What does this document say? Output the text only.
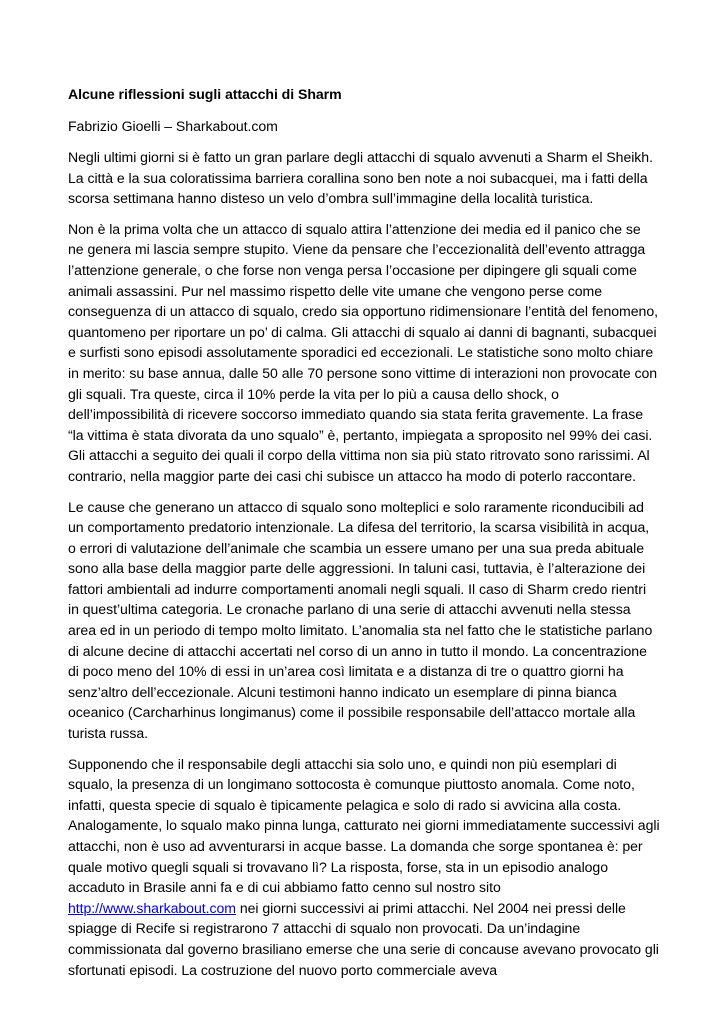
Alcune riflessioni sugli attacchi di Sharm

Fabrizio Gioelli – Sharkabout.com

Negli ultimi giorni si è fatto un gran parlare degli attacchi di squalo avvenuti a Sharm el Sheikh. La città e la sua coloratissima barriera corallina sono ben note a noi subacquei, ma i fatti della scorsa settimana hanno disteso un velo d’ombra sull’immagine della località turistica.

Non è la prima volta che un attacco di squalo attira l’attenzione dei media ed il panico che se ne genera mi lascia sempre stupito. Viene da pensare che l’eccezionalità dell’evento attragga l’attenzione generale, o che forse non venga persa l’occasione per dipingere gli squali come animali assassini. Pur nel massimo rispetto delle vite umane che vengono perse come conseguenza di un attacco di squalo, credo sia opportuno ridimensionare l’entità del fenomeno, quantomeno per riportare un po’ di calma. Gli attacchi di squalo ai danni di bagnanti, subacquei e surfisti sono episodi assolutamente sporadici ed eccezionali. Le statistiche sono molto chiare in merito: su base annua, dalle 50 alle 70 persone sono vittime di interazioni non provocate con gli squali. Tra queste, circa il 10% perde la vita per lo più a causa dello shock, o dell’impossibilità di ricevere soccorso immediato quando sia stata ferita gravemente. La frase “la vittima è stata divorata da uno squalo” è, pertanto, impiegata a sproposito nel 99% dei casi. Gli attacchi a seguito dei quali il corpo della vittima non sia più stato ritrovato sono rarissimi. Al contrario, nella maggior parte dei casi chi subisce un attacco ha modo di poterlo raccontare.

Le cause che generano un attacco di squalo sono molteplici e solo raramente riconducibili ad un comportamento predatorio intenzionale. La difesa del territorio, la scarsa visibilità in acqua, o errori di valutazione dell’animale che scambia un essere umano per una sua preda abituale sono alla base della maggior parte delle aggressioni. In taluni casi, tuttavia, è l’alterazione dei fattori ambientali ad indurre comportamenti anomali negli squali. Il caso di Sharm credo rientri in quest’ultima categoria. Le cronache parlano di una serie di attacchi avvenuti nella stessa area ed in un periodo di tempo molto limitato. L’anomalia sta nel fatto che le statistiche parlano di alcune decine di attacchi accertati nel corso di un anno in tutto il mondo. La concentrazione di poco meno del 10% di essi in un’area così limitata e a distanza di tre o quattro giorni ha senz’altro dell’eccezionale. Alcuni testimoni hanno indicato un esemplare di pinna bianca oceanico (Carcharhinus longimanus) come il possibile responsabile dell’attacco mortale alla turista russa.

Supponendo che il responsabile degli attacchi sia solo uno, e quindi non più esemplari di squalo, la presenza di un longimano sottocosta è comunque piuttosto anomala. Come noto, infatti, questa specie di squalo è tipicamente pelagica e solo di rado si avvicina alla costa. Analogamente, lo squalo mako pinna lunga, catturato nei giorni immediatamente successivi agli attacchi, non è uso ad avventurarsi in acque basse. La domanda che sorge spontanea è: per quale motivo quegli squali si trovavano lì? La risposta, forse, sta in un episodio analogo accaduto in Brasile anni fa e di cui abbiamo fatto cenno sul nostro sito http://www.sharkabout.com nei giorni successivi ai primi attacchi. Nel 2004 nei pressi delle spiagge di Recife si registrarono 7 attacchi di squalo non provocati. Da un’indagine commissionata dal governo brasiliano emerse che una serie di concause avevano provocato gli sfortunati episodi. La costruzione del nuovo porto commerciale aveva
